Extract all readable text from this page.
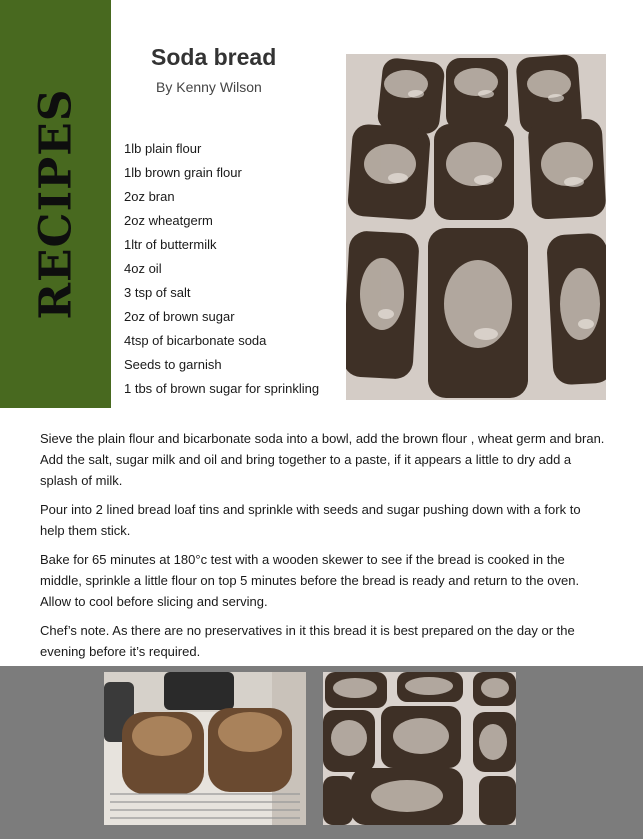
RECIPES
Soda bread
By Kenny Wilson
1lb plain flour
1lb brown grain flour
2oz bran
2oz wheatgerm
1ltr of buttermilk
4oz oil
3 tsp of salt
2oz of brown sugar
4tsp of bicarbonate soda
Seeds to garnish
1 tbs of brown sugar for sprinkling

Sieve the plain flour and bicarbonate soda into a bowl, add the brown flour , wheat germ and bran. Add the salt, sugar milk and oil and bring together to a paste, if it appears a little to dry add a splash of milk.

Pour into 2 lined bread loaf tins and sprinkle with seeds and sugar pushing down with a fork to help them stick.

Bake for 65 minutes at 180°c test with a wooden skewer to see if the bread is cooked in the middle, sprinkle a little flour on top 5 minutes before the bread is ready and return to the oven. Allow to cool before slicing and serving.

Chef’s note. As there are no preservatives in it this bread it is best prepared on the day or the evening before it’s required.
